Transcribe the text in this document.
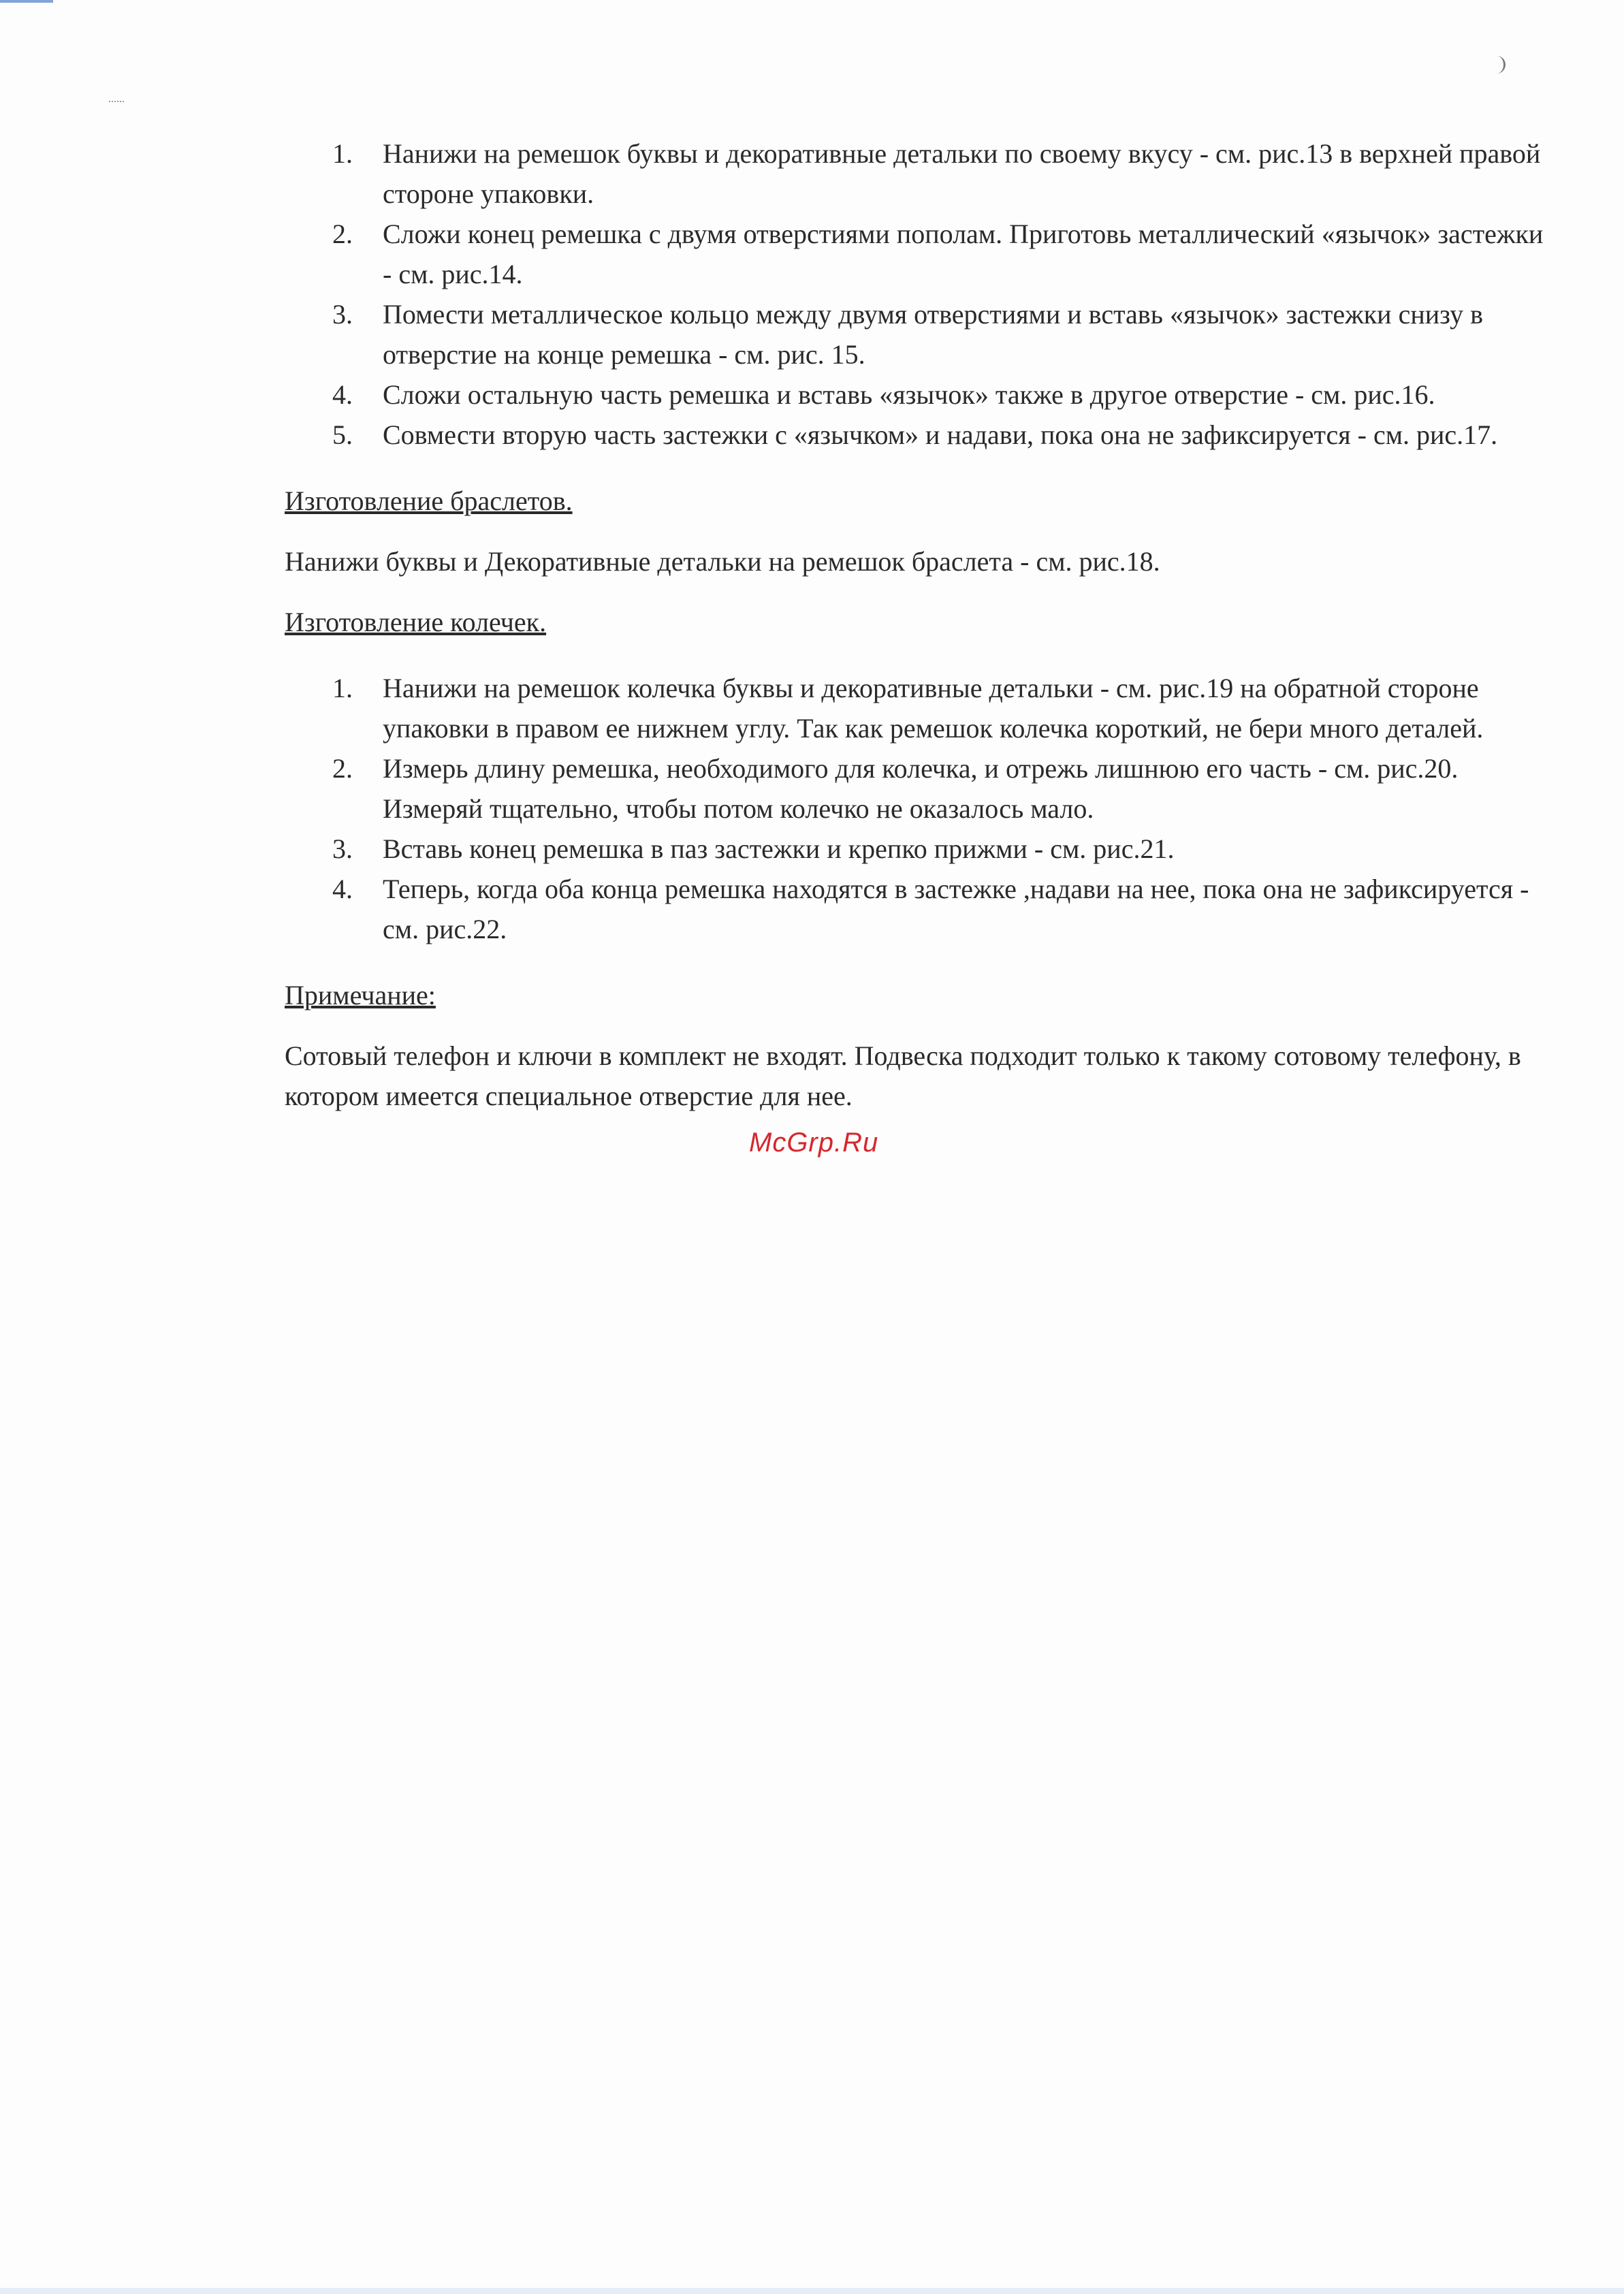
1. Нанижи на ремешок буквы и декоративные детальки по своему вкусу - см. рис.13 в верхней правой стороне упаковки.
2. Сложи конец ремешка с двумя отверстиями пополам. Приготовь металлический «язычок» застежки - см. рис.14.
3. Помести металлическое кольцо между двумя отверстиями и вставь «язычок» застежки снизу в отверстие на конце ремешка - см. рис. 15.
4. Сложи остальную часть ремешка и вставь «язычок» также в другое отверстие - см. рис.16.
5. Совмести вторую часть застежки с «язычком» и надави, пока она не зафиксируется - см. рис.17.

Изготовление браслетов.

Нанижи буквы и Декоративные детальки на ремешок браслета - см. рис.18.

Изготовление колечек.

1. Нанижи на ремешок колечка буквы и декоративные детальки - см. рис.19 на обратной стороне упаковки в правом ее нижнем углу. Так как ремешок колечка короткий, не бери много деталей.
2. Измерь длину ремешка, необходимого для колечка, и отрежь лишнюю его часть - см. рис.20. Измеряй тщательно, чтобы потом колечко не оказалось мало.
3. Вставь конец ремешка в паз застежки и крепко прижми - см. рис.21.
4. Теперь, когда оба конца ремешка находятся в застежке ,надави на нее, пока она не зафиксируется - см. рис.22.

Примечание:

Сотовый телефон и ключи в комплект не входят. Подвеска подходит только к такому сотовому телефону, в котором имеется специальное отверстие для нее.

McGrp.Ru
